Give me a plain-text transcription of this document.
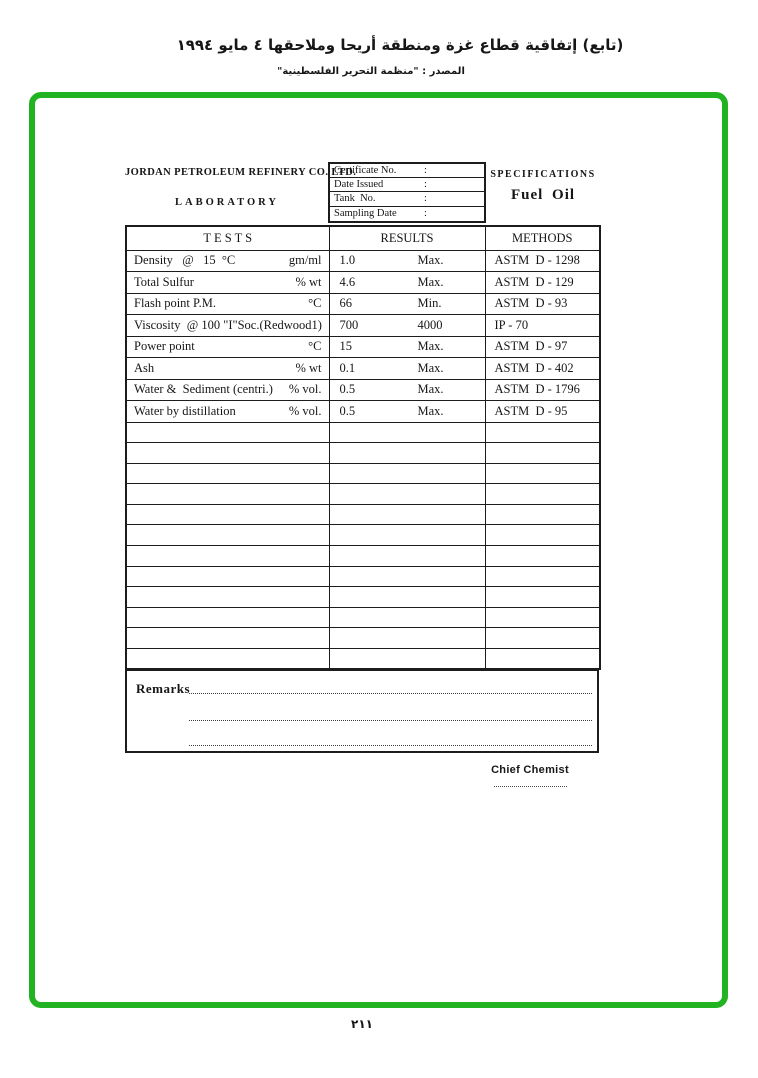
(تابع) إتفاقية قطاع غزة ومنطقة أريحا وملاحقها ٤ مايو ١٩٩٤
المصدر : "منظمة التحرير الفلسطينية"
JORDAN PETROLEUM REFINERY CO. LTD.
LABORATORY
Certificate No.	:
Date Issued	:
Tank  No.	:
Sampling Date	:
SPECIFICATIONS
Fuel Oil
T E S T S	RESULTS	METHODS

Density   @   15  °C gm/ml	1.0 Max.	ASTM  D - 1298

Total Sulfur % wt	4.6 Max.	ASTM  D - 129

Flash point P.M. °C	66 Min.	ASTM  D - 93

Viscosity  @ 100 "I"Soc.(Redwood1)	700 4000	IP - 70

Power point °C	15 Max.	ASTM  D - 97

Ash % wt	0.1 Max.	ASTM  D - 402

Water &  Sediment (centri.) % vol.	0.5 Max.	ASTM  D - 1796

Water by distillation % vol.	0.5 Max.	ASTM  D - 95

Remarks
Chief Chemist
٢١١
